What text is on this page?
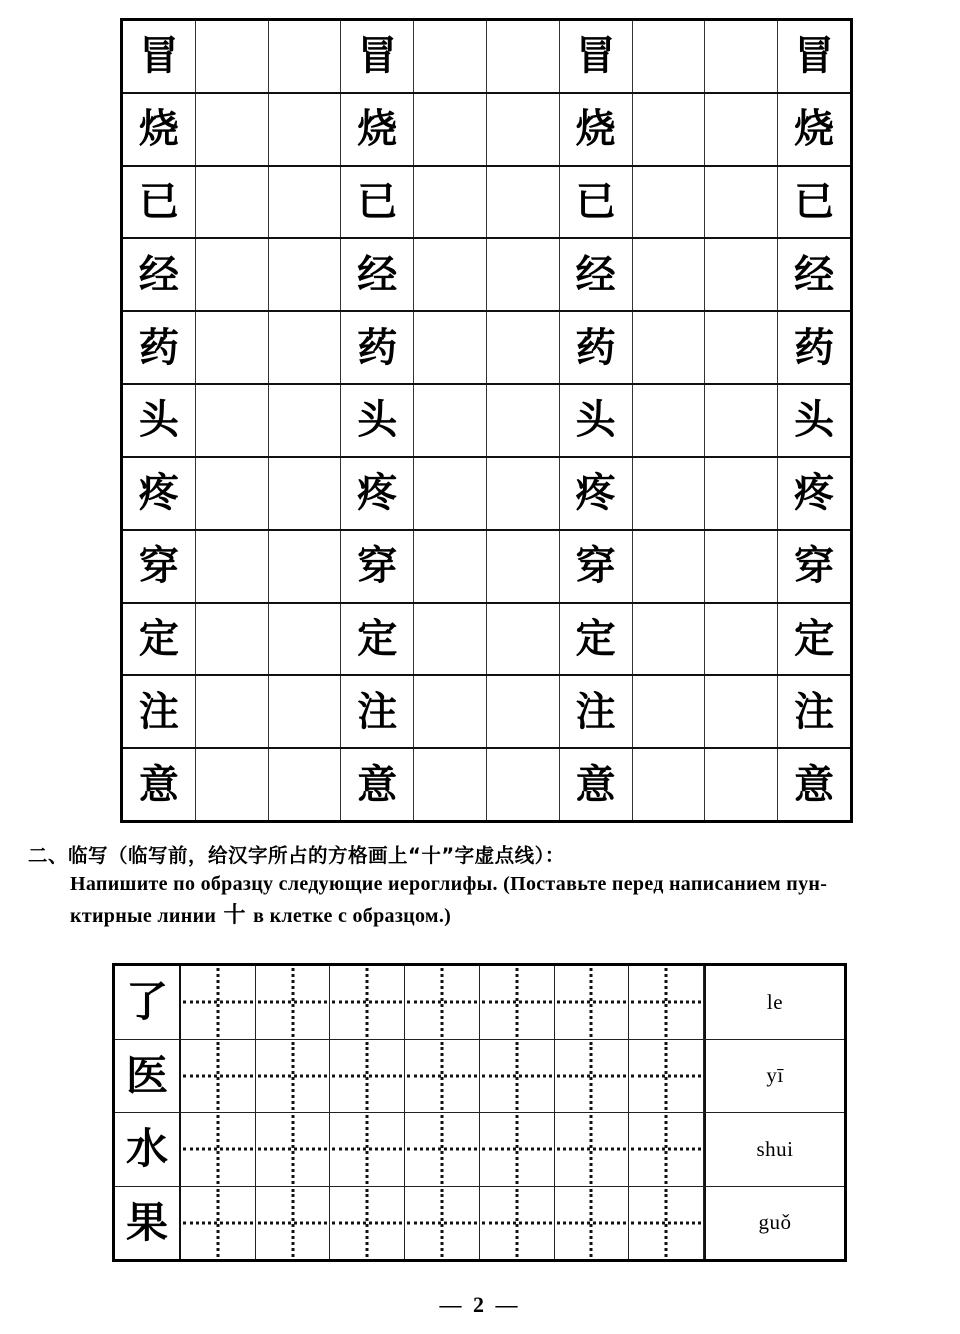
冒	冒	冒	冒
烧	烧	烧	烧
已	已	已	已
经	经	经	经
药	药	药	药
头	头	头	头
疼	疼	疼	疼
穿	穿	穿	穿
定	定	定	定
注	注	注	注
意	意	意	意
二、临写（临写前，给汉字所占的方格画上“十”字虚点线）：
Напишите по образцу следующие иероглифы. (Поставьте перед написанием пун-
ктирные линии 十 в клетке с образцом.)
了	le
医	yī
水	shui
果	guǒ
— 2 —
